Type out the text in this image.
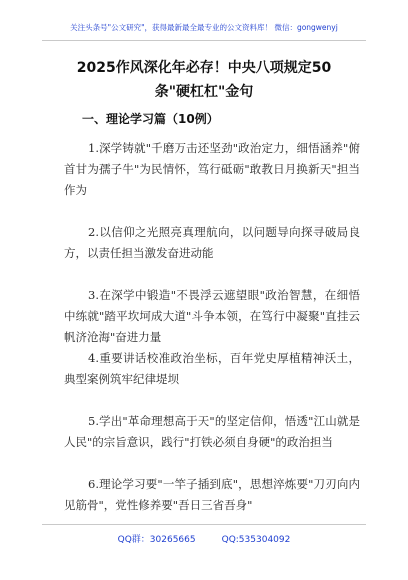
关注头条号"公文研究"，获得最新最全最专业的公文资料库！ 微信：gongwenyj
2025作风深化年必存！中央八项规定50条"硬杠杠"金句
一、理论学习篇（10例）
1.深学铸就"千磨万击还坚劲"政治定力，细悟涵养"俯首甘为孺子牛"为民情怀，笃行砥砺"敢教日月换新天"担当作为
2.以信仰之光照亮真理航向，以问题导向探寻破局良方，以责任担当激发奋进动能
3.在深学中锻造"不畏浮云遮望眼"政治智慧，在细悟中练就"踏平坎坷成大道"斗争本领，在笃行中凝聚"直挂云帆济沧海"奋进力量
4.重要讲话校准政治坐标，百年党史厚植精神沃土，典型案例筑牢纪律堤坝
5.学出"革命理想高于天"的坚定信仰，悟透"江山就是人民"的宗旨意识，践行"打铁必须自身硬"的政治担当
6.理论学习要"一竿子插到底"，思想淬炼要"刀刃向内见筋骨"，党性修养要"吾日三省吾身"
QQ群：30265665	QQ:535304092
